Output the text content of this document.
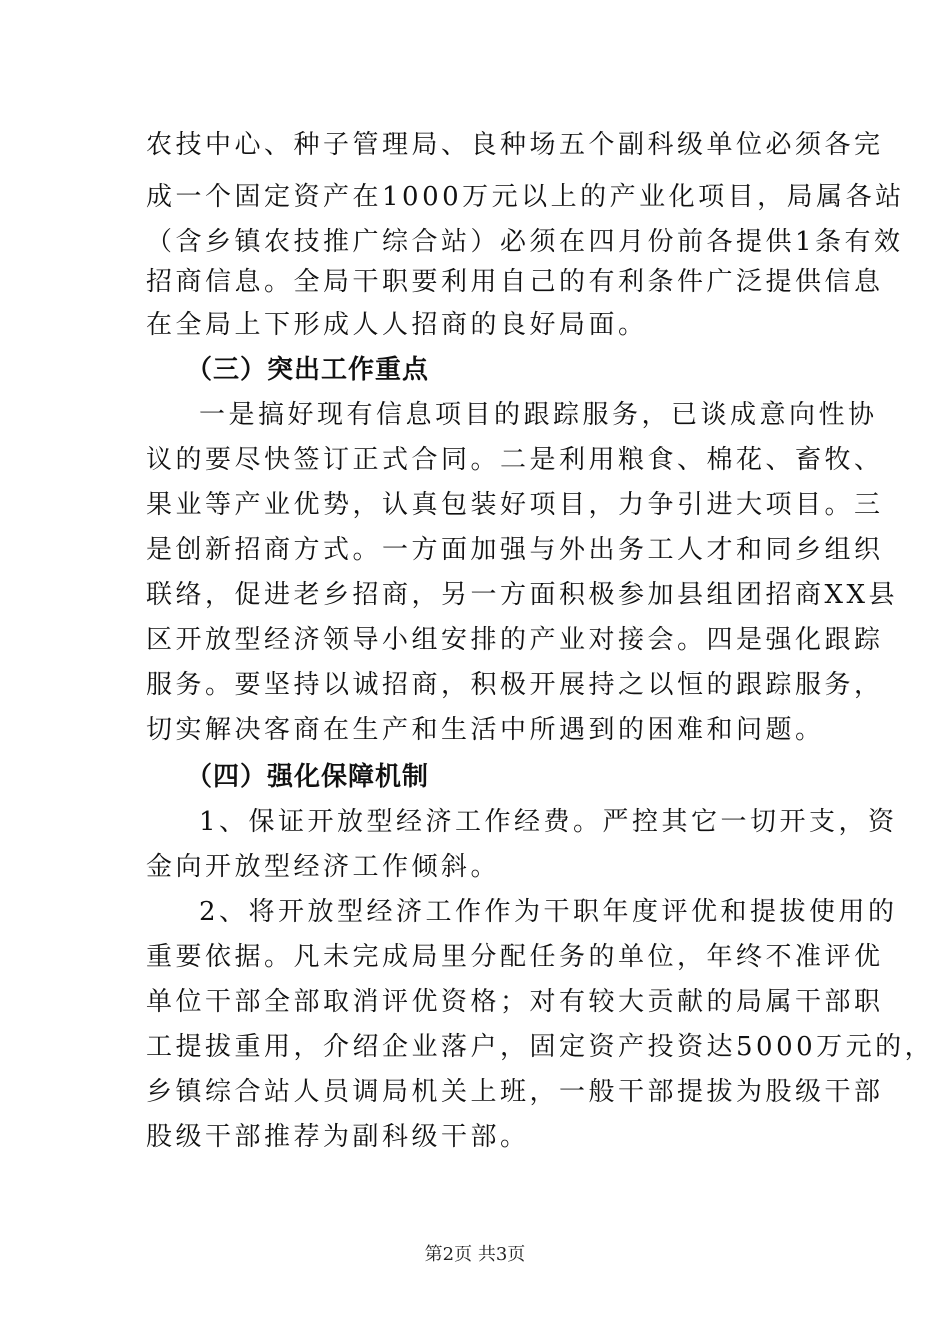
农技中心、种子管理局、良种场五个副科级单位必须各完
成一个固定资产在1000万元以上的产业化项目，局属各站
（含乡镇农技推广综合站）必须在四月份前各提供1条有效
招商信息。全局干职要利用自己的有利条件广泛提供信息
在全局上下形成人人招商的良好局面。
（三）突出工作重点
一是搞好现有信息项目的跟踪服务，已谈成意向性协
议的要尽快签订正式合同。二是利用粮食、棉花、畜牧、
果业等产业优势，认真包装好项目，力争引进大项目。三
是创新招商方式。一方面加强与外出务工人才和同乡组织
联络，促进老乡招商，另一方面积极参加县组团招商XX县
区开放型经济领导小组安排的产业对接会。四是强化跟踪
服务。要坚持以诚招商，积极开展持之以恒的跟踪服务，
切实解决客商在生产和生活中所遇到的困难和问题。
（四）强化保障机制
1、保证开放型经济工作经费。严控其它一切开支，资
金向开放型经济工作倾斜。
2、将开放型经济工作作为干职年度评优和提拔使用的
重要依据。凡未完成局里分配任务的单位，年终不准评优
单位干部全部取消评优资格；对有较大贡献的局属干部职
工提拔重用，介绍企业落户，固定资产投资达5000万元的，
乡镇综合站人员调局机关上班，一般干部提拔为股级干部
股级干部推荐为副科级干部。
第2页 共3页
